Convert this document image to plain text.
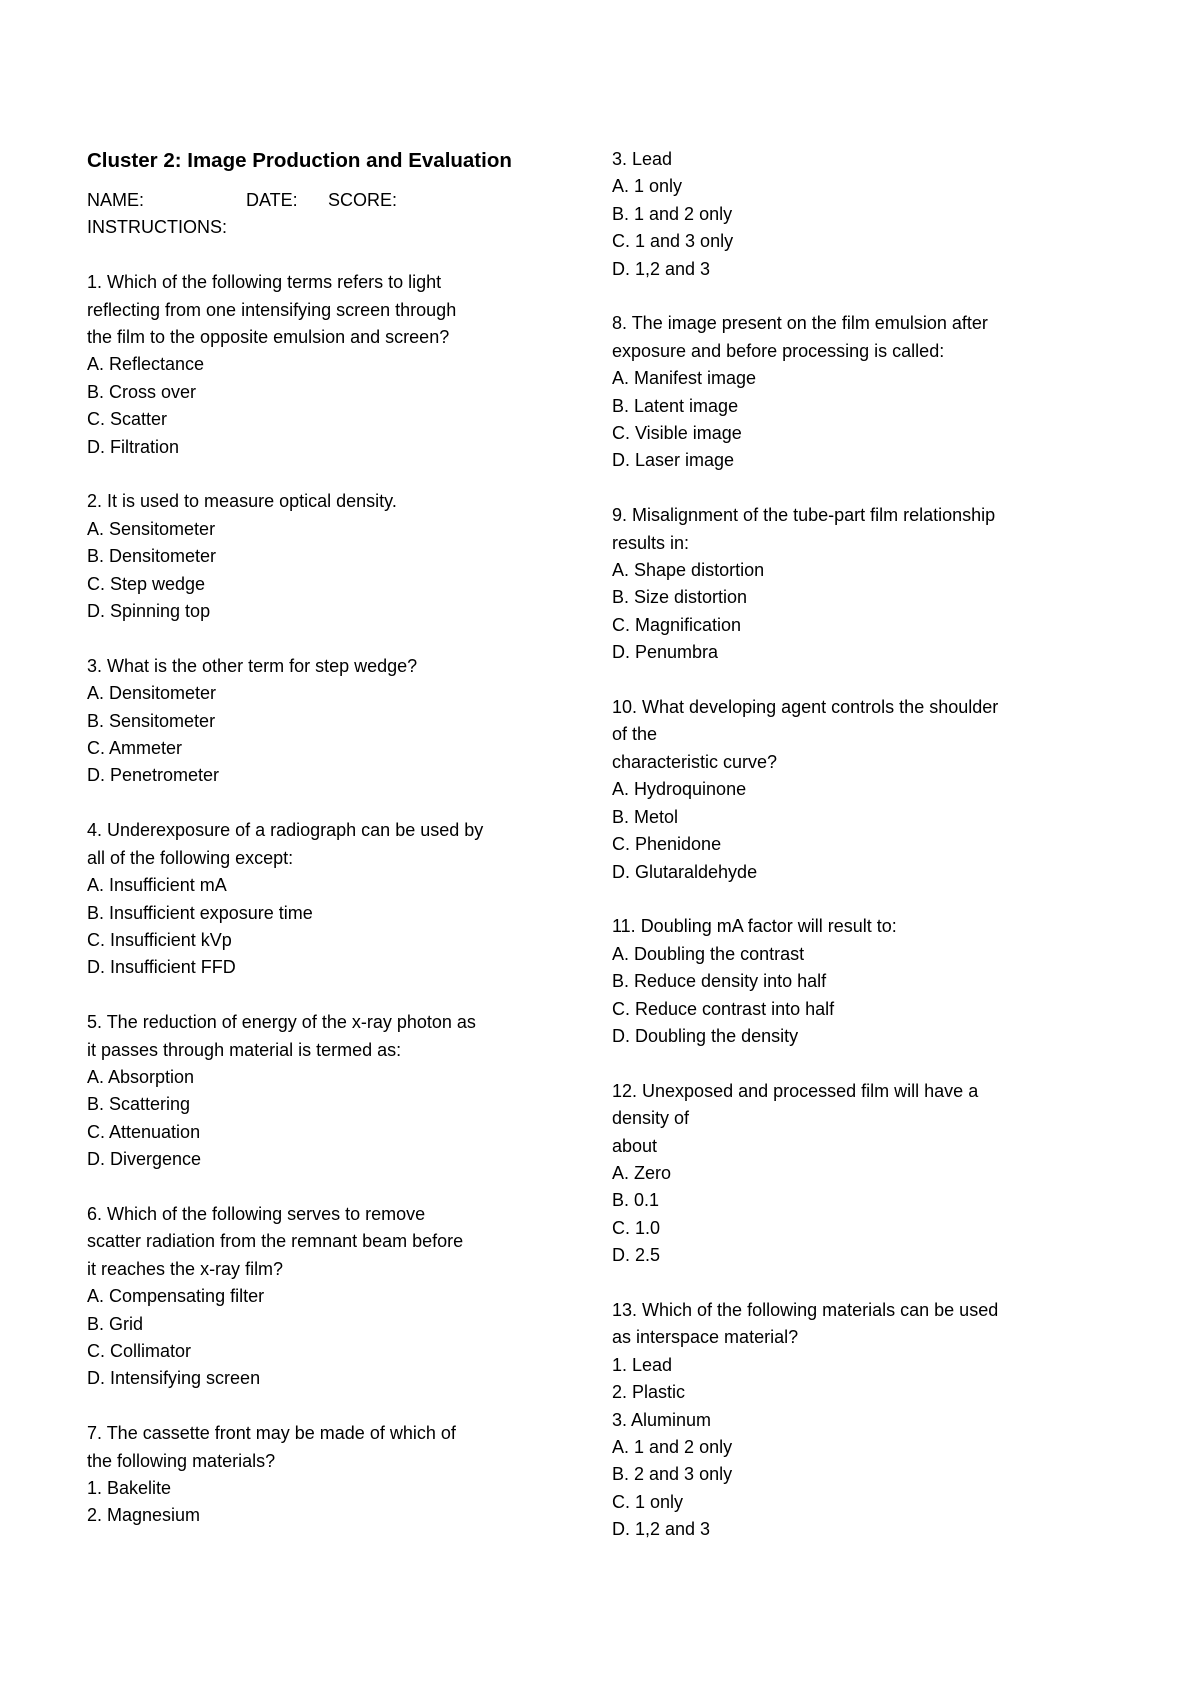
Cluster 2: Image Production and Evaluation
NAME:	DATE:	SCORE:
INSTRUCTIONS:
1. Which of the following terms refers to light
reflecting from one intensifying screen through
the film to the opposite emulsion and screen?
A. Reflectance
B. Cross over
C. Scatter
D. Filtration
2. It is used to measure optical density.
A. Sensitometer
B. Densitometer
C. Step wedge
D. Spinning top
3. What is the other term for step wedge?
A. Densitometer
B. Sensitometer
C. Ammeter
D. Penetrometer
4. Underexposure of a radiograph can be used by
all of the following except:
A. Insufficient mA
B. Insufficient exposure time
C. Insufficient kVp
D. Insufficient FFD
5. The reduction of energy of the x-ray photon as
it passes through material is termed as:
A. Absorption
B. Scattering
C. Attenuation
D. Divergence
6. Which of the following serves to remove
scatter radiation from the remnant beam before
it reaches the x-ray film?
A. Compensating filter
B. Grid
C. Collimator
D. Intensifying screen
7. The cassette front may be made of which of
the following materials?
1. Bakelite
2. Magnesium
3. Lead
A. 1 only
B. 1 and 2 only
C. 1 and 3 only
D. 1,2 and 3
8. The image present on the film emulsion after
exposure and before processing is called:
A. Manifest image
B. Latent image
C. Visible image
D. Laser image
9. Misalignment of the tube-part film relationship
results in:
A. Shape distortion
B. Size distortion
C. Magnification
D. Penumbra
10. What developing agent controls the shoulder
of the
characteristic curve?
A. Hydroquinone
B. Metol
C. Phenidone
D. Glutaraldehyde
11. Doubling mA factor will result to:
A. Doubling the contrast
B. Reduce density into half
C. Reduce contrast into half
D. Doubling the density
12. Unexposed and processed film will have a
density of
about
A. Zero
B. 0.1
C. 1.0
D. 2.5
13. Which of the following materials can be used
as interspace material?
1. Lead
2. Plastic
3. Aluminum
A. 1 and 2 only
B. 2 and 3 only
C. 1 only
D. 1,2 and 3
